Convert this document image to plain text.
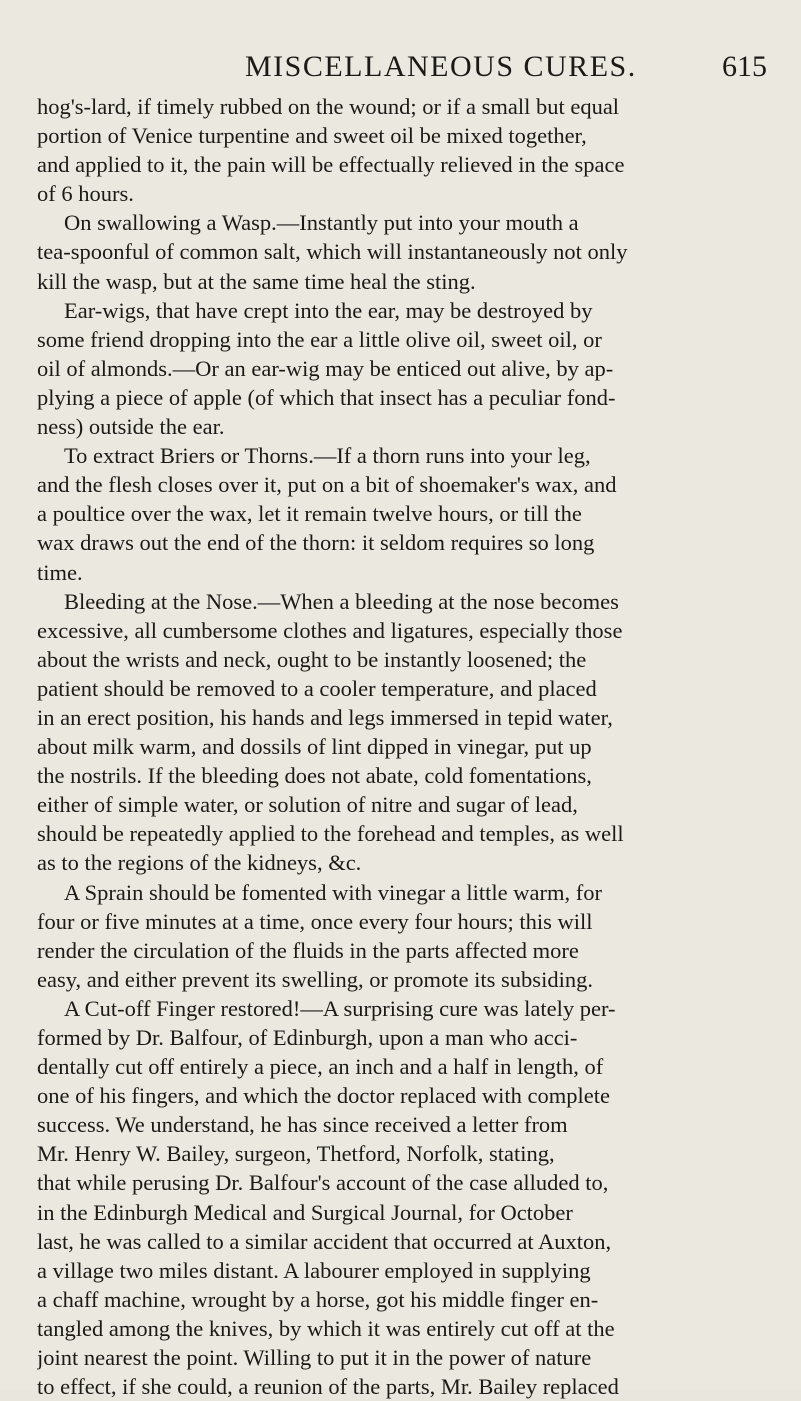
MISCELLANEOUS CURES.	615
hog's-lard, if timely rubbed on the wound; or if a small but equal
portion of Venice turpentine and sweet oil be mixed together,
and applied to it, the pain will be effectually relieved in the space
of 6 hours.
On swallowing a Wasp.—Instantly put into your mouth a
tea-spoonful of common salt, which will instantaneously not only
kill the wasp, but at the same time heal the sting.
Ear-wigs, that have crept into the ear, may be destroyed by
some friend dropping into the ear a little olive oil, sweet oil, or
oil of almonds.—Or an ear-wig may be enticed out alive, by ap-
plying a piece of apple (of which that insect has a peculiar fond-
ness) outside the ear.
To extract Briers or Thorns.—If a thorn runs into your leg,
and the flesh closes over it, put on a bit of shoemaker's wax, and
a poultice over the wax, let it remain twelve hours, or till the
wax draws out the end of the thorn: it seldom requires so long
time.
Bleeding at the Nose.—When a bleeding at the nose becomes
excessive, all cumbersome clothes and ligatures, especially those
about the wrists and neck, ought to be instantly loosened; the
patient should be removed to a cooler temperature, and placed
in an erect position, his hands and legs immersed in tepid water,
about milk warm, and dossils of lint dipped in vinegar, put up
the nostrils. If the bleeding does not abate, cold fomentations,
either of simple water, or solution of nitre and sugar of lead,
should be repeatedly applied to the forehead and temples, as well
as to the regions of the kidneys, &c.
A Sprain should be fomented with vinegar a little warm, for
four or five minutes at a time, once every four hours; this will
render the circulation of the fluids in the parts affected more
easy, and either prevent its swelling, or promote its subsiding.
A Cut-off Finger restored!—A surprising cure was lately per-
formed by Dr. Balfour, of Edinburgh, upon a man who acci-
dentally cut off entirely a piece, an inch and a half in length, of
one of his fingers, and which the doctor replaced with complete
success. We understand, he has since received a letter from
Mr. Henry W. Bailey, surgeon, Thetford, Norfolk, stating,
that while perusing Dr. Balfour's account of the case alluded to,
in the Edinburgh Medical and Surgical Journal, for October
last, he was called to a similar accident that occurred at Auxton,
a village two miles distant. A labourer employed in supplying
a chaff machine, wrought by a horse, got his middle finger en-
tangled among the knives, by which it was entirely cut off at the
joint nearest the point. Willing to put it in the power of nature
to effect, if she could, a reunion of the parts, Mr. Bailey replaced
